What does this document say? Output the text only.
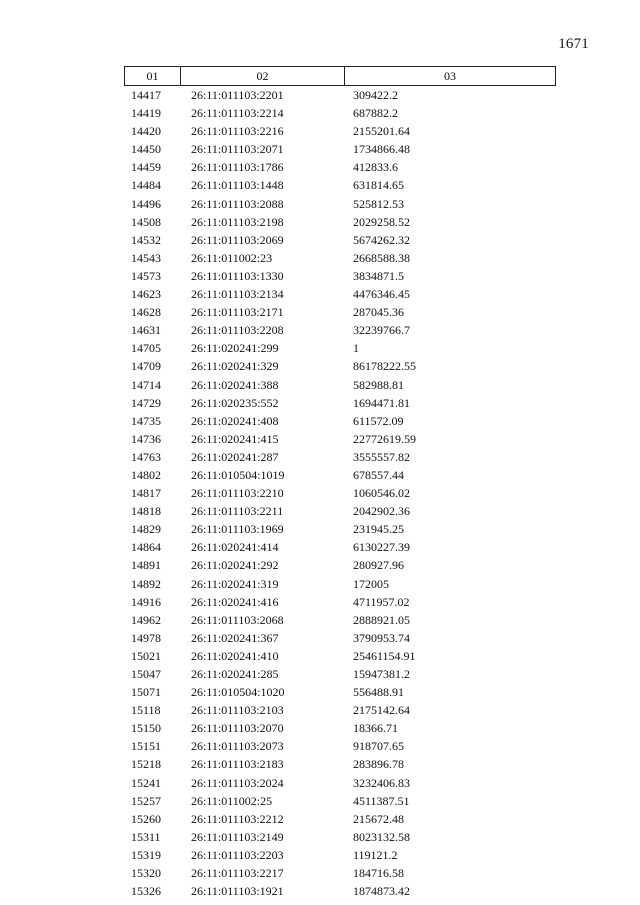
1671
01	02	03
14417	26:11:011103:2201	309422.2
14419	26:11:011103:2214	687882.2
14420	26:11:011103:2216	2155201.64
14450	26:11:011103:2071	1734866.48
14459	26:11:011103:1786	412833.6
14484	26:11:011103:1448	631814.65
14496	26:11:011103:2088	525812.53
14508	26:11:011103:2198	2029258.52
14532	26:11:011103:2069	5674262.32
14543	26:11:011002:23	2668588.38
14573	26:11:011103:1330	3834871.5
14623	26:11:011103:2134	4476346.45
14628	26:11:011103:2171	287045.36
14631	26:11:011103:2208	32239766.7
14705	26:11:020241:299	1
14709	26:11:020241:329	86178222.55
14714	26:11:020241:388	582988.81
14729	26:11:020235:552	1694471.81
14735	26:11:020241:408	611572.09
14736	26:11:020241:415	22772619.59
14763	26:11:020241:287	3555557.82
14802	26:11:010504:1019	678557.44
14817	26:11:011103:2210	1060546.02
14818	26:11:011103:2211	2042902.36
14829	26:11:011103:1969	231945.25
14864	26:11:020241:414	6130227.39
14891	26:11:020241:292	280927.96
14892	26:11:020241:319	172005
14916	26:11:020241:416	4711957.02
14962	26:11:011103:2068	2888921.05
14978	26:11:020241:367	3790953.74
15021	26:11:020241:410	25461154.91
15047	26:11:020241:285	15947381.2
15071	26:11:010504:1020	556488.91
15118	26:11:011103:2103	2175142.64
15150	26:11:011103:2070	18366.71
15151	26:11:011103:2073	918707.65
15218	26:11:011103:2183	283896.78
15241	26:11:011103:2024	3232406.83
15257	26:11:011002:25	4511387.51
15260	26:11:011103:2212	215672.48
15311	26:11:011103:2149	8023132.58
15319	26:11:011103:2203	119121.2
15320	26:11:011103:2217	184716.58
15326	26:11:011103:1921	1874873.42
